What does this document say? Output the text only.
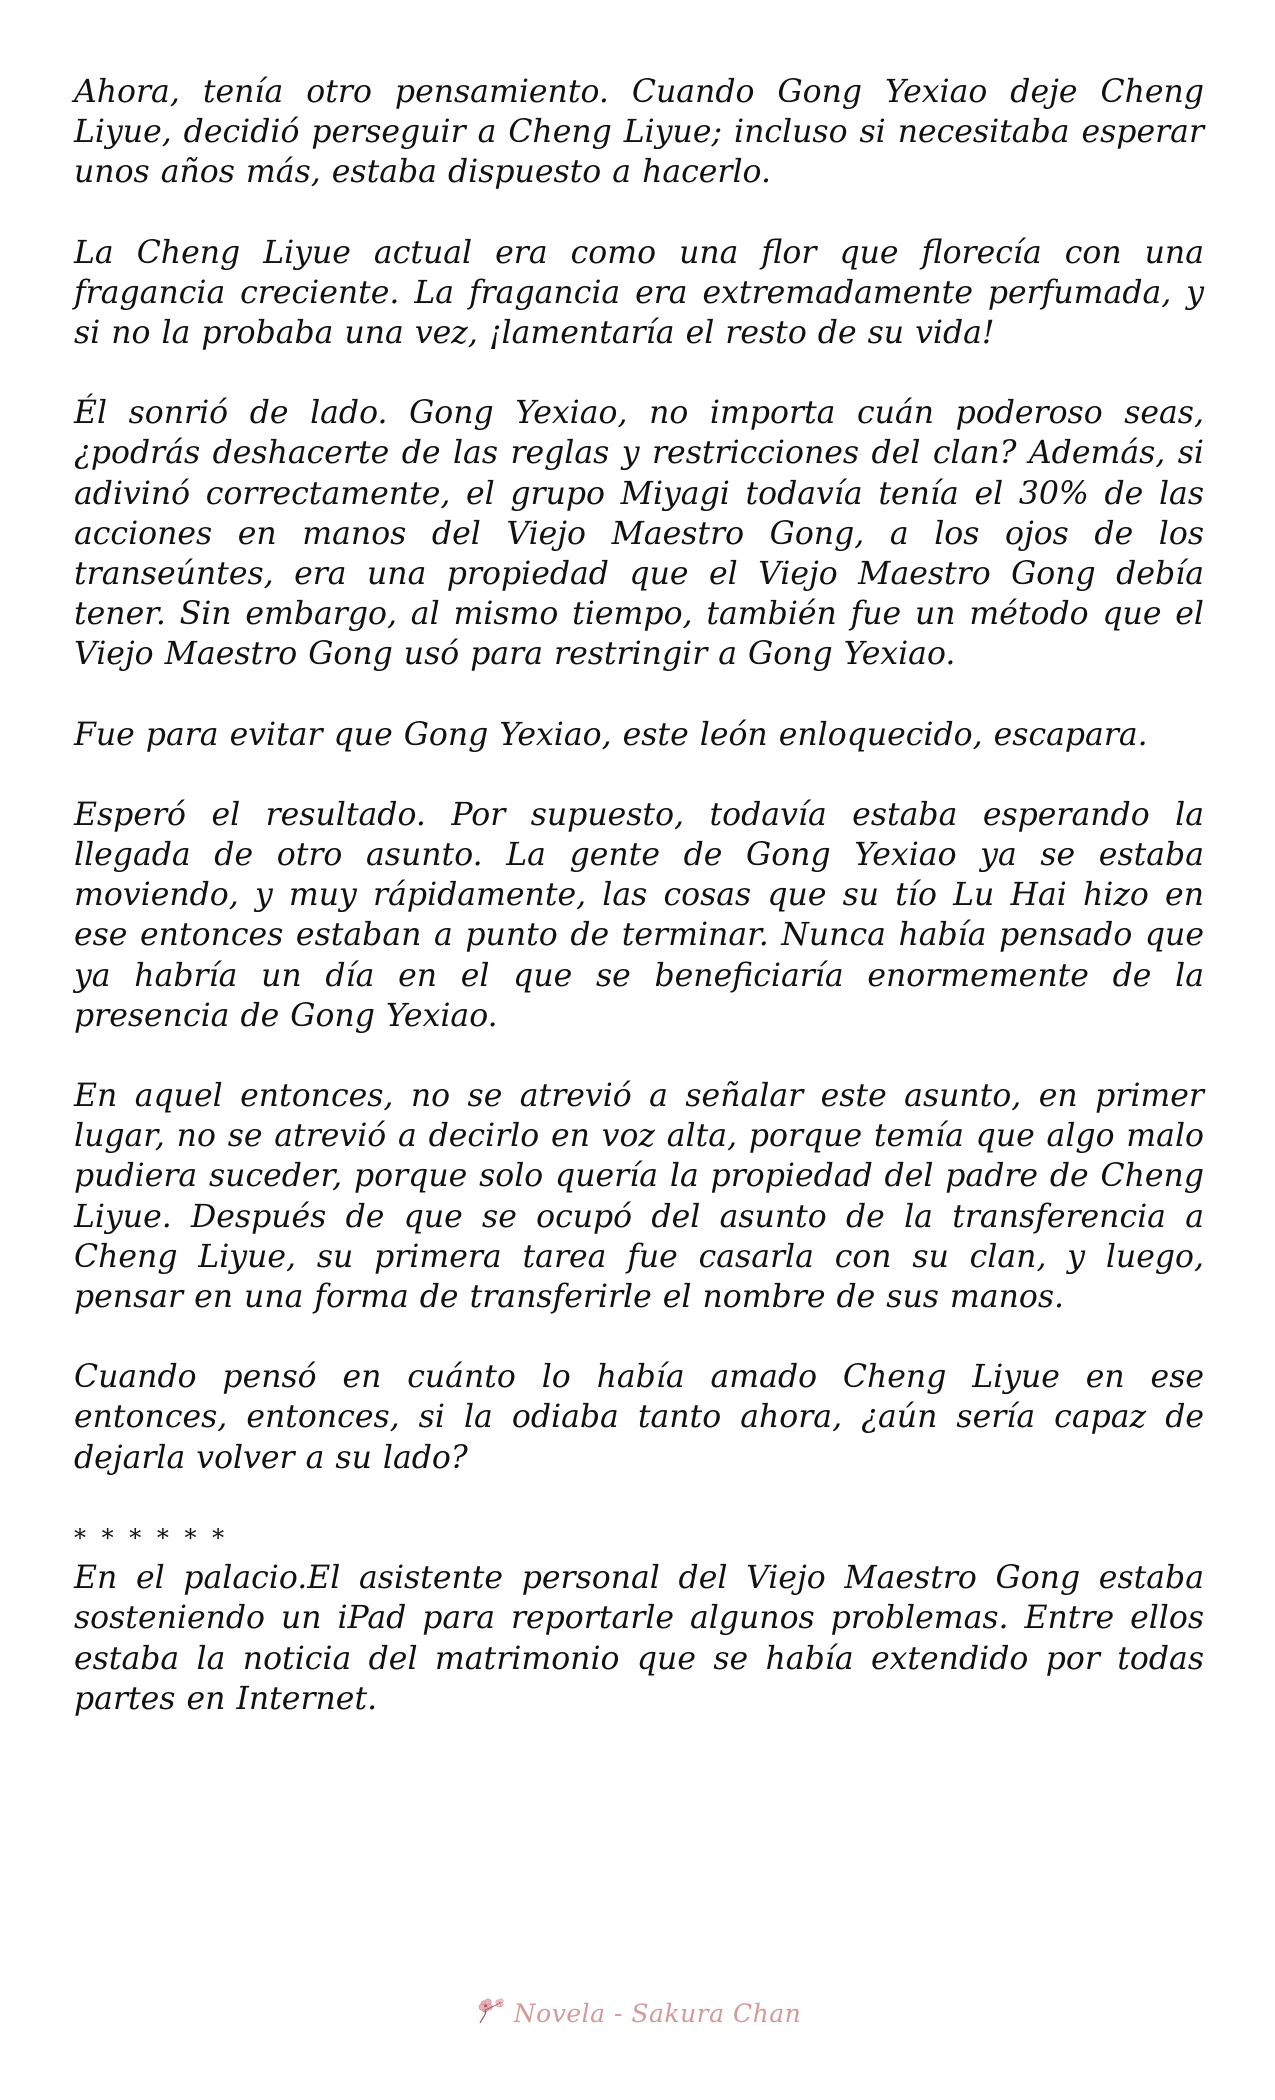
Ahora, tenía otro pensamiento. Cuando Gong Yexiao deje Cheng Liyue, decidió perseguir a Cheng Liyue; incluso si necesitaba esperar unos años más, estaba dispuesto a hacerlo.

La Cheng Liyue actual era como una flor que florecía con una fragancia creciente. La fragancia era extremadamente perfumada, y si no la probaba una vez, ¡lamentaría el resto de su vida!

Él sonrió de lado. Gong Yexiao, no importa cuán poderoso seas, ¿podrás deshacerte de las reglas y restricciones del clan? Además, si adivinó correctamente, el grupo Miyagi todavía tenía el 30% de las acciones en manos del Viejo Maestro Gong, a los ojos de los transeúntes, era una propiedad que el Viejo Maestro Gong debía tener. Sin embargo, al mismo tiempo, también fue un método que el Viejo Maestro Gong usó para restringir a Gong Yexiao.

Fue para evitar que Gong Yexiao, este león enloquecido, escapara.

Esperó el resultado. Por supuesto, todavía estaba esperando la llegada de otro asunto. La gente de Gong Yexiao ya se estaba moviendo, y muy rápidamente, las cosas que su tío Lu Hai hizo en ese entonces estaban a punto de terminar. Nunca había pensado que ya habría un día en el que se beneficiaría enormemente de la presencia de Gong Yexiao.

En aquel entonces, no se atrevió a señalar este asunto, en primer lugar, no se atrevió a decirlo en voz alta, porque temía que algo malo pudiera suceder, porque solo quería la propiedad del padre de Cheng Liyue. Después de que se ocupó del asunto de la transferencia a Cheng Liyue, su primera tarea fue casarla con su clan, y luego, pensar en una forma de transferirle el nombre de sus manos.

Cuando pensó en cuánto lo había amado Cheng Liyue en ese entonces, entonces, si la odiaba tanto ahora, ¿aún sería capaz de dejarla volver a su lado?

* * * * * *

En el palacio.El asistente personal del Viejo Maestro Gong estaba sosteniendo un iPad para reportarle algunos problemas. Entre ellos estaba la noticia del matrimonio que se había extendido por todas partes en Internet.

Novela - Sakura Chan
